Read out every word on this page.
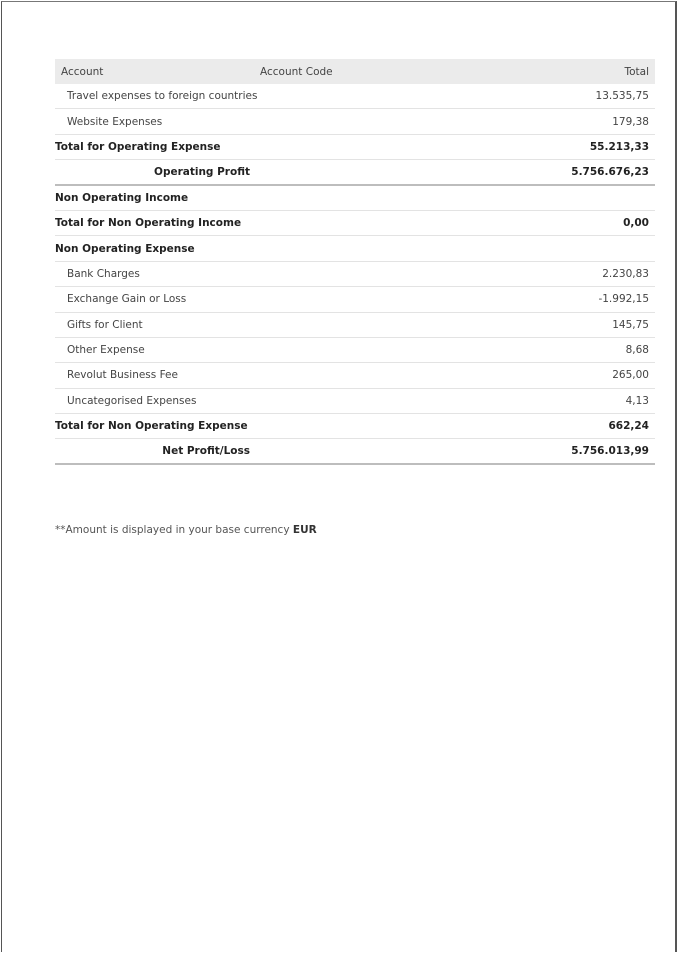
Account	Account Code	Total
Travel expenses to foreign countries	13.535,75
Website Expenses	179,38
Total for Operating Expense	55.213,33
Operating Profit	5.756.676,23
Non Operating Income
Total for Non Operating Income	0,00
Non Operating Expense
Bank Charges	2.230,83
Exchange Gain or Loss	-1.992,15
Gifts for Client	145,75
Other Expense	8,68
Revolut Business Fee	265,00
Uncategorised Expenses	4,13
Total for Non Operating Expense	662,24
Net Profit/Loss	5.756.013,99
**Amount is displayed in your base currency EUR
